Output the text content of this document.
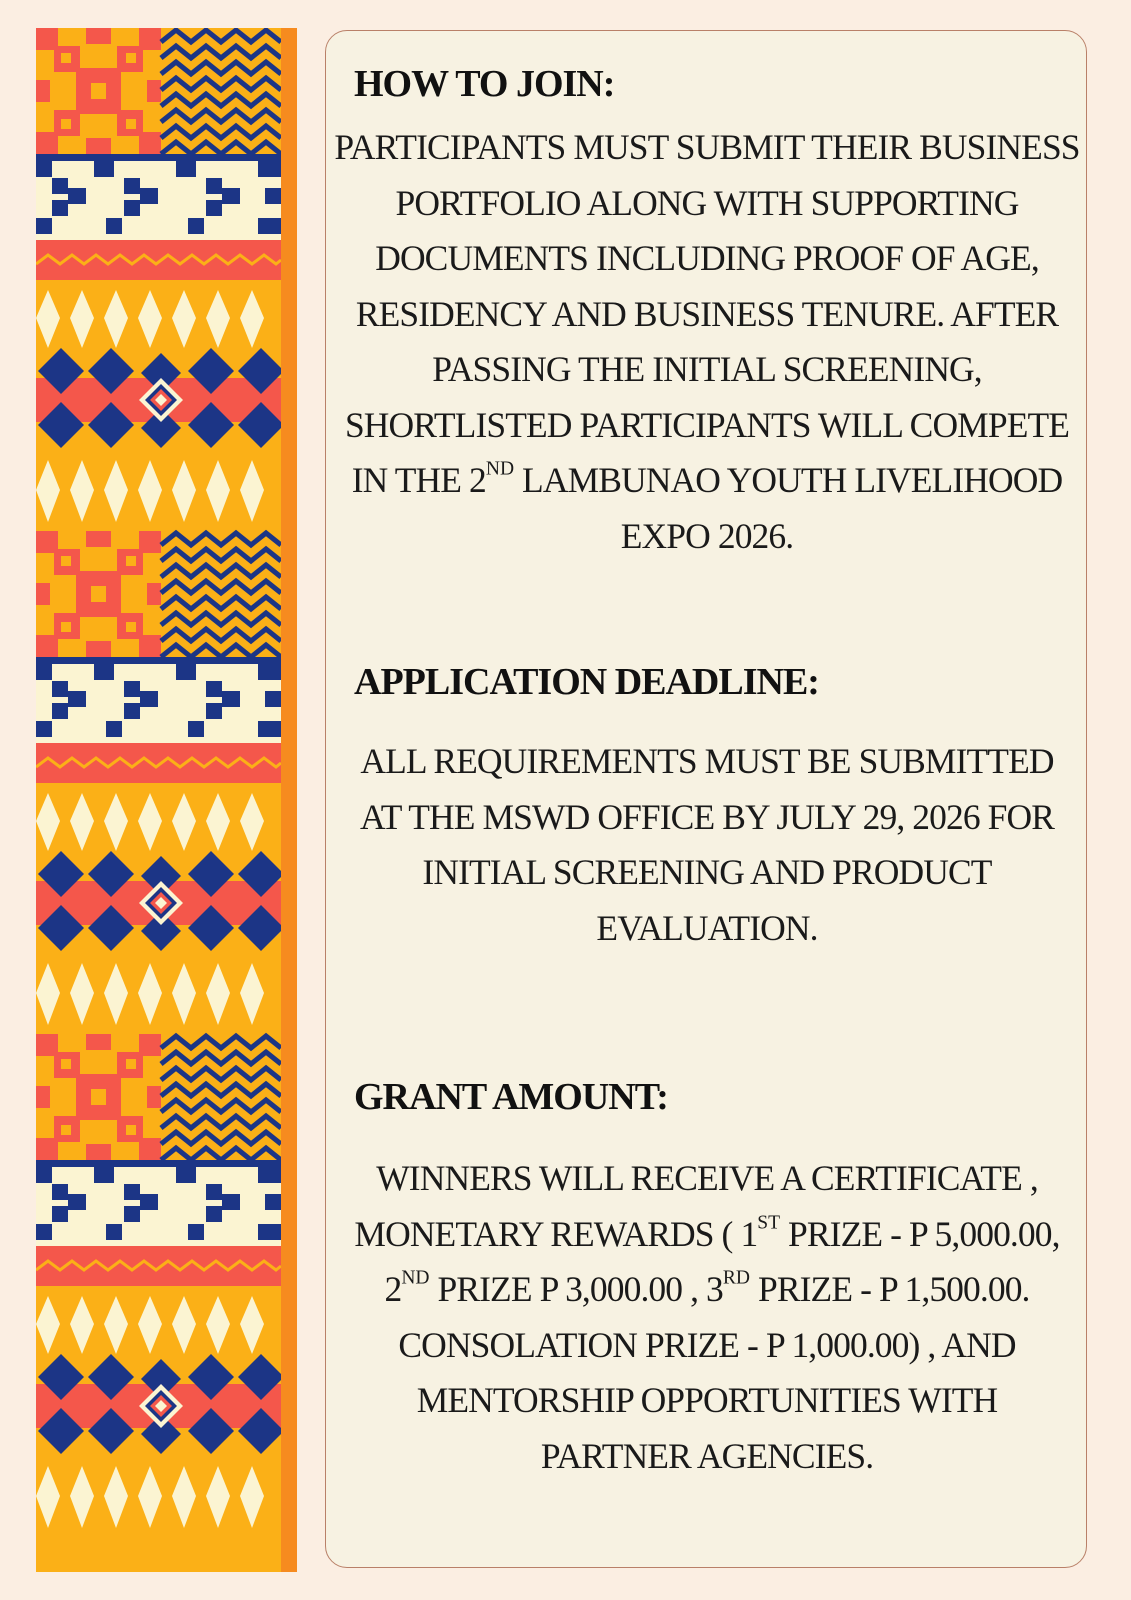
HOW TO JOIN:

PARTICIPANTS MUST SUBMIT THEIR BUSINESS
PORTFOLIO ALONG WITH SUPPORTING
DOCUMENTS INCLUDING PROOF OF AGE,
RESIDENCY AND BUSINESS TENURE. AFTER
PASSING THE INITIAL SCREENING,
SHORTLISTED PARTICIPANTS WILL COMPETE
IN THE 2ND LAMBUNAO YOUTH LIVELIHOOD
EXPO 2026.

APPLICATION DEADLINE:

ALL REQUIREMENTS MUST BE SUBMITTED
AT THE MSWD OFFICE BY JULY 29, 2026 FOR
INITIAL SCREENING AND PRODUCT
EVALUATION.

GRANT AMOUNT:

WINNERS WILL RECEIVE A CERTIFICATE ,
MONETARY REWARDS ( 1ST PRIZE - P 5,000.00,
2ND PRIZE P 3,000.00 , 3RD PRIZE - P 1,500.00.
CONSOLATION PRIZE - P 1,000.00) , AND
MENTORSHIP OPPORTUNITIES WITH
PARTNER AGENCIES.
